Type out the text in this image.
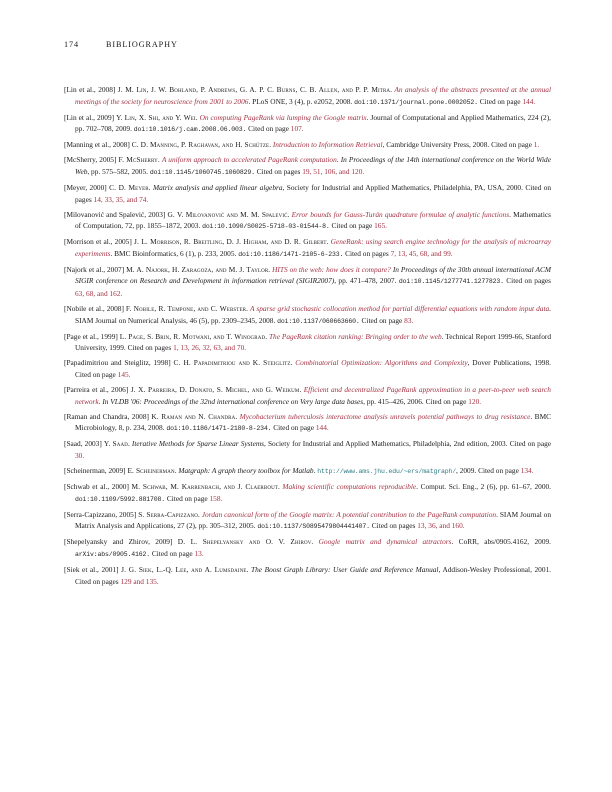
174	BIBLIOGRAPHY

[Lin et al., 2008] J. M. Lin, J. W. Bohland, P. Andrews, G. A. P. C. Burns, C. B. Allen, and P. P. Mitra. An analysis of the abstracts presented at the annual meetings of the society for neuroscience from 2001 to 2006. PLoS ONE, 3 (4), p. e2052, 2008. doi:10.1371/journal.pone.0002052. Cited on page 144.

[Lin et al., 2009] Y. Lin, X. Shi, and Y. Wei. On computing PageRank via lumping the Google matrix. Journal of Computational and Applied Mathematics, 224 (2), pp. 702–708, 2009. doi:10.1016/j.cam.2008.06.003. Cited on page 107.

[Manning et al., 2008] C. D. Manning, P. Raghavan, and H. Schütze. Introduction to Information Retrieval, Cambridge University Press, 2008. Cited on page 1.

[McSherry, 2005] F. McSherry. A uniform approach to accelerated PageRank computation. In Proceedings of the 14th international conference on the World Wide Web, pp. 575–582, 2005. doi:10.1145/1060745.1060829. Cited on pages 19, 51, 106, and 120.

[Meyer, 2000] C. D. Meyer. Matrix analysis and applied linear algebra, Society for Industrial and Applied Mathematics, Philadelphia, PA, USA, 2000. Cited on pages 14, 33, 35, and 74.

[Milovanović and Spalević, 2003] G. V. Milovanović and M. M. Spalević. Error bounds for Gauss-Turán quadrature formulae of analytic functions. Mathematics of Computation, 72, pp. 1855–1872, 2003. doi:10.1090/S0025-5718-03-01544-8. Cited on page 165.

[Morrison et al., 2005] J. L. Morrison, R. Breitling, D. J. Higham, and D. R. Gilbert. GeneRank: using search engine technology for the analysis of microarray experiments. BMC Bioinformatics, 6 (1), p. 233, 2005. doi:10.1186/1471-2105-6-233. Cited on pages 7, 13, 45, 68, and 99.

[Najork et al., 2007] M. A. Najork, H. Zaragoza, and M. J. Taylor. HITS on the web: how does it compare? In Proceedings of the 30th annual international ACM SIGIR conference on Research and Development in information retrieval (SIGIR2007), pp. 471–478, 2007. doi:10.1145/1277741.1277823. Cited on pages 63, 68, and 162.

[Nobile et al., 2008] F. Nobile, R. Tempone, and C. Webster. A sparse grid stochastic collocation method for partial differential equations with random input data. SIAM Journal on Numerical Analysis, 46 (5), pp. 2309–2345, 2008. doi:10.1137/060663660. Cited on page 83.

[Page et al., 1999] L. Page, S. Brin, R. Motwani, and T. Winograd. The PageRank citation ranking: Bringing order to the web. Technical Report 1999-66, Stanford University, 1999. Cited on pages 1, 13, 26, 32, 63, and 70.

[Papadimitriou and Steiglitz, 1998] C. H. Papadimitriou and K. Steiglitz. Combinatorial Optimization: Algorithms and Complexity, Dover Publications, 1998. Cited on page 145.

[Parreira et al., 2006] J. X. Parreira, D. Donato, S. Michel, and G. Weikum. Efficient and decentralized PageRank approximation in a peer-to-peer web search network. In VLDB '06: Proceedings of the 32nd international conference on Very large data bases, pp. 415–426, 2006. Cited on page 120.

[Raman and Chandra, 2008] K. Raman and N. Chandra. Mycobacterium tuberculosis interactome analysis unravels potential pathways to drug resistance. BMC Microbiology, 8, p. 234, 2008. doi:10.1186/1471-2180-8-234. Cited on page 144.

[Saad, 2003] Y. Saad. Iterative Methods for Sparse Linear Systems, Society for Industrial and Applied Mathematics, Philadelphia, 2nd edition, 2003. Cited on page 30.

[Scheinerman, 2009] E. Scheinerman. Matgraph: A graph theory toolbox for Matlab. http://www.ams.jhu.edu/~ers/matgraph/, 2009. Cited on page 134.

[Schwab et al., 2000] M. Schwab, M. Karrenbach, and J. Claerbout. Making scientific computations reproducible. Comput. Sci. Eng., 2 (6), pp. 61–67, 2000. doi:10.1109/5992.881708. Cited on page 158.

[Serra-Capizzano, 2005] S. Serra-Capizzano. Jordan canonical form of the Google matrix: A potential contribution to the PageRank computation. SIAM Journal on Matrix Analysis and Applications, 27 (2), pp. 305–312, 2005. doi:10.1137/S0895479804441407. Cited on pages 13, 36, and 160.

[Shepelyansky and Zhirov, 2009] D. L. Shepelyansky and O. V. Zhirov. Google matrix and dynamical attractors. CoRR, abs/0905.4162, 2009. arXiv:abs/0905.4162. Cited on page 13.

[Siek et al., 2001] J. G. Siek, L.-Q. Lee, and A. Lumsdaine. The Boost Graph Library: User Guide and Reference Manual, Addison-Wesley Professional, 2001. Cited on pages 129 and 135.
